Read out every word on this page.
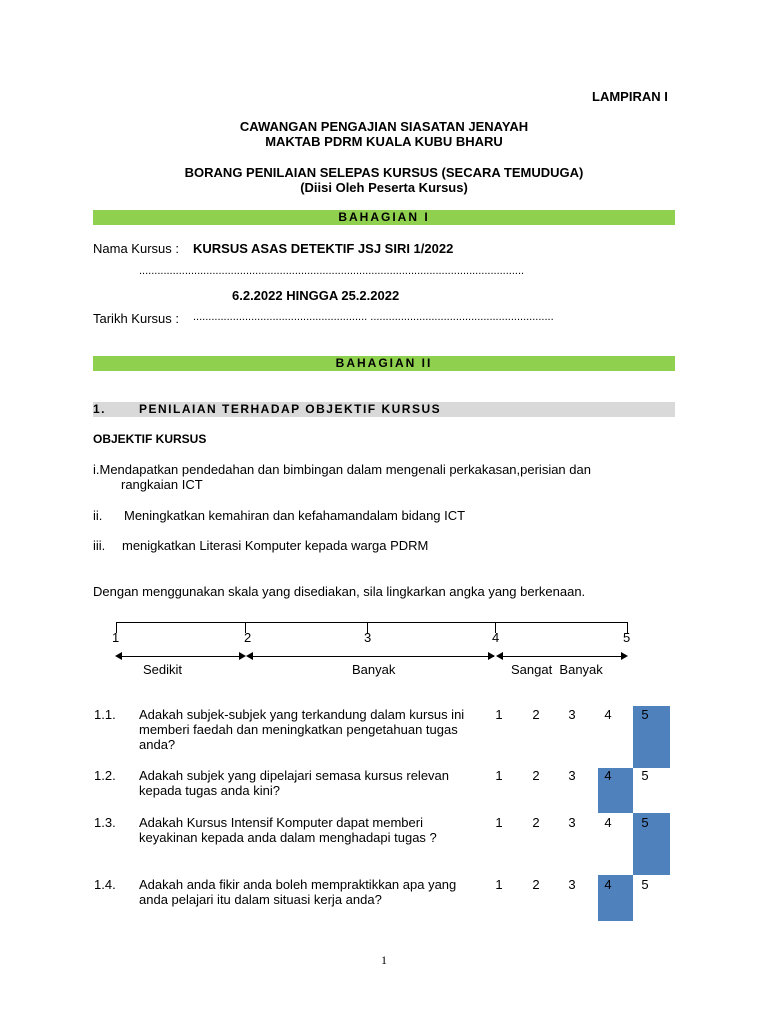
LAMPIRAN I
CAWANGAN PENGAJIAN SIASATAN JENAYAH
MAKTAB PDRM KUALA KUBU BHARU
BORANG PENILAIAN SELEPAS KURSUS (SECARA TEMUDUGA)
(Diisi Oleh Peserta Kursus)
BAHAGIAN I
Nama Kursus : KURSUS ASAS DETEKTIF JSJ SIRI 1/2022
..............................................................................................................................
6.2.2022 HINGGA 25.2.2022
Tarikh Kursus : ......................................................... ............................................................
BAHAGIAN II
1.	PENILAIAN TERHADAP OBJEKTIF KURSUS
OBJEKTIF KURSUS
i.Mendapatkan pendedahan dan bimbingan dalam mengenali perkakasan,perisian dan
rangkaian ICT
ii. Meningkatkan kemahiran dan kefahamandalam bidang ICT
iii. menigkatkan Literasi Komputer kepada warga PDRM
Dengan menggunakan skala yang disediakan, sila lingkarkan angka yang berkenaan.
1	2	3	4	5
Sedikit	Banyak	Sangat  Banyak
1.1. Adakah subjek-subjek yang terkandung dalam kursus ini memberi faedah dan meningkatkan pengetahuan tugas anda?
1 2 3 4 5
1.2. Adakah subjek yang dipelajari semasa kursus relevan kepada tugas anda kini?
1 2 3 4 5
1.3. Adakah Kursus Intensif Komputer dapat memberi keyakinan kepada anda dalam menghadapi tugas ?
1 2 3 4 5
1.4. Adakah anda fikir anda boleh mempraktikkan apa yang anda pelajari itu dalam situasi kerja anda?
1 2 3 4 5
1
